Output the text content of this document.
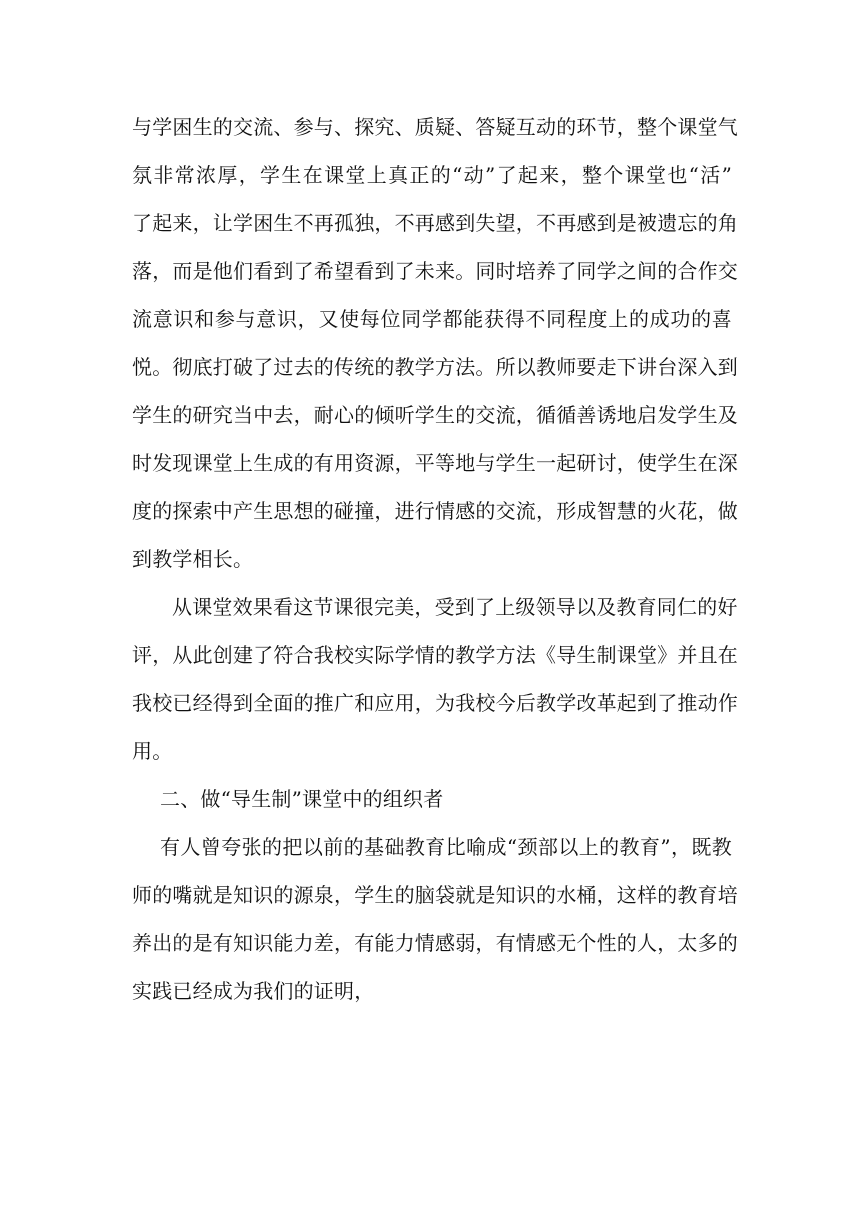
与学困生的交流、参与、探究、质疑、答疑互动的环节，整个课堂气
氛非常浓厚，学生在课堂上真正的“动”了起来，整个课堂也“活”
了起来，让学困生不再孤独，不再感到失望，不再感到是被遗忘的角
落，而是他们看到了希望看到了未来。同时培养了同学之间的合作交
流意识和参与意识，又使每位同学都能获得不同程度上的成功的喜
悦。彻底打破了过去的传统的教学方法。所以教师要走下讲台深入到
学生的研究当中去，耐心的倾听学生的交流，循循善诱地启发学生及
时发现课堂上生成的有用资源，平等地与学生一起研讨，使学生在深
度的探索中产生思想的碰撞，进行情感的交流，形成智慧的火花，做
到教学相长。
从课堂效果看这节课很完美，受到了上级领导以及教育同仁的好
评，从此创建了符合我校实际学情的教学方法《导生制课堂》并且在
我校已经得到全面的推广和应用，为我校今后教学改革起到了推动作
用。
二、做“导生制”课堂中的组织者
有人曾夸张的把以前的基础教育比喻成“颈部以上的教育”，既教
师的嘴就是知识的源泉，学生的脑袋就是知识的水桶，这样的教育培
养出的是有知识能力差，有能力情感弱，有情感无个性的人，太多的
实践已经成为我们的证明，
